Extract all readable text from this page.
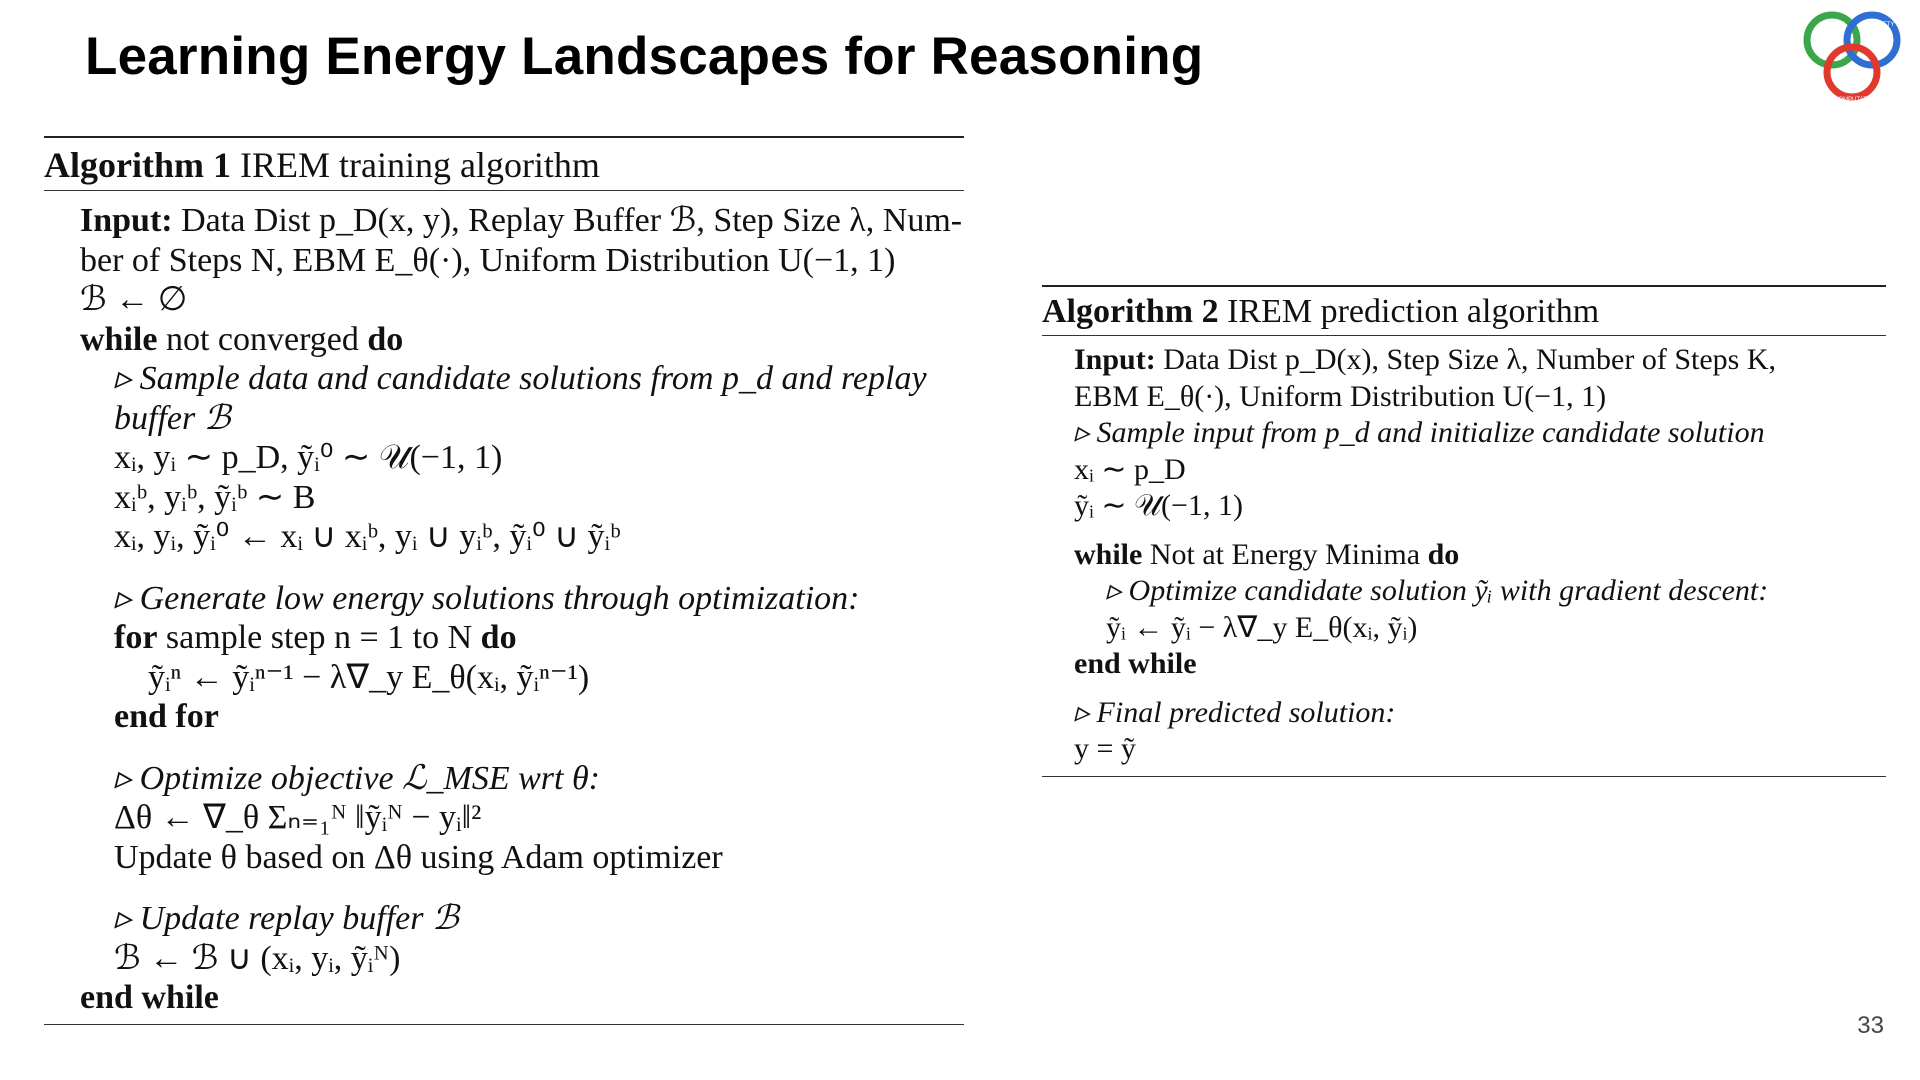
Learning Energy Landscapes for Reasoning
NATURE	SOCIETY
COMPUTATION
Algorithm 1 IREM training algorithm
Input: Data Dist p_D(x, y), Replay Buffer ℬ, Step Size λ, Num-
ber of Steps N, EBM E_θ(·), Uniform Distribution U(−1, 1)
ℬ ← ∅
while not converged do
▹ Sample data and candidate solutions from p_d and replay
buffer ℬ
xᵢ, yᵢ ∼ p_D, ỹᵢ⁰ ∼ 𝒰(−1, 1)
xᵢᵇ, yᵢᵇ, ỹᵢᵇ ∼ B
xᵢ, yᵢ, ỹᵢ⁰ ← xᵢ ∪ xᵢᵇ, yᵢ ∪ yᵢᵇ, ỹᵢ⁰ ∪ ỹᵢᵇ
▹ Generate low energy solutions through optimization:
for sample step n = 1 to N do
ỹᵢⁿ ← ỹᵢⁿ⁻¹ − λ∇_y E_θ(xᵢ, ỹᵢⁿ⁻¹)
end for
▹ Optimize objective ℒ_MSE wrt θ:
Δθ ← ∇_θ Σₙ₌₁ᴺ ‖ỹᵢᴺ − yᵢ‖²
Update θ based on Δθ using Adam optimizer
▹ Update replay buffer ℬ
ℬ ← ℬ ∪ (xᵢ, yᵢ, ỹᵢᴺ)
end while
Algorithm 2 IREM prediction algorithm
Input: Data Dist p_D(x), Step Size λ, Number of Steps K,
EBM E_θ(·), Uniform Distribution U(−1, 1)
▹ Sample input from p_d and initialize candidate solution
xᵢ ∼ p_D
ỹᵢ ∼ 𝒰(−1, 1)
while Not at Energy Minima do
▹ Optimize candidate solution ỹᵢ with gradient descent:
ỹᵢ ← ỹᵢ − λ∇_y E_θ(xᵢ, ỹᵢ)
end while
▹ Final predicted solution:
y = ỹ
33
